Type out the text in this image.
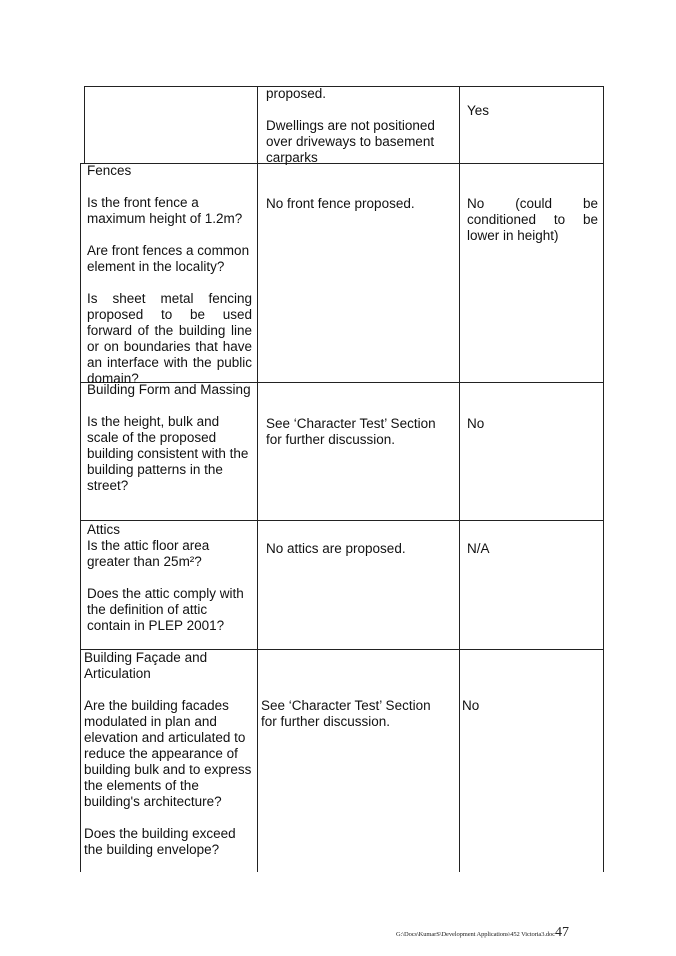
proposed.

Dwellings are not positioned over driveways to basement carparks

Yes

Fences

Is the front fence a maximum height of 1.2m?

Are front fences a common element in the locality?

Is sheet metal fencing proposed to be used forward of the building line or on boundaries that have an interface with the public domain?

No front fence proposed.	No (could be conditioned to be lower in height)

Building Form and Massing

Is the height, bulk and scale of the proposed building consistent with the building patterns in the street?

See ‘Character Test’ Section for further discussion.

No

Attics

Is the attic floor area greater than 25m²?

Does the attic comply with the definition of attic contain in PLEP 2001?

No attics are proposed.	N/A

Building Façade and Articulation

Are the building facades modulated in plan and elevation and articulated to reduce the appearance of building bulk and to express the elements of the building's architecture?

Does the building exceed the building envelope?

See ‘Character Test’ Section for further discussion.

No

G:\Docs\KumarS\Development Applications\452 Victoria3.doc47
